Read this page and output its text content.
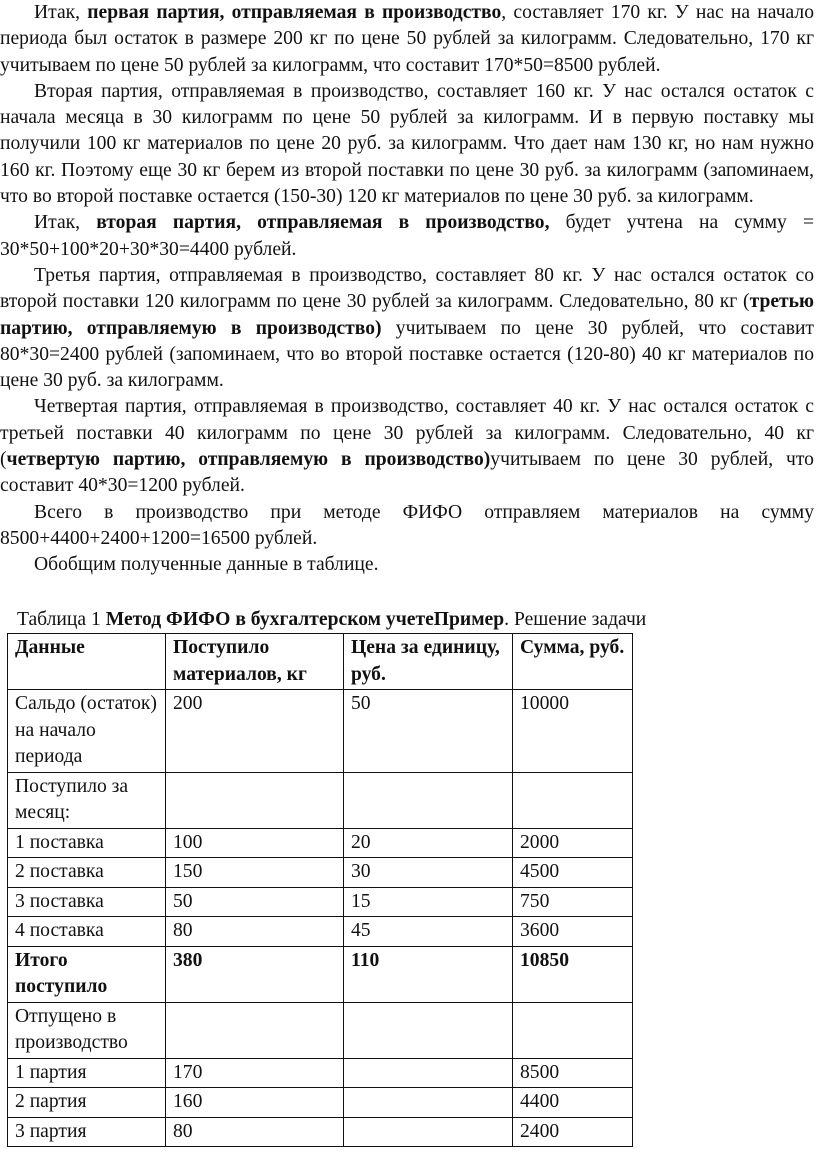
Итак, первая партия, отправляемая в производство, составляет 170 кг. У нас на начало периода был остаток в размере 200 кг по цене 50 рублей за килограмм. Следовательно, 170 кг учитываем по цене 50 рублей за килограмм, что составит 170*50=8500 рублей.

Вторая партия, отправляемая в производство, составляет 160 кг. У нас остался остаток с начала месяца в 30 килограмм по цене 50 рублей за килограмм. И в первую поставку мы получили 100 кг материалов по цене 20 руб. за килограмм. Что дает нам 130 кг, но нам нужно 160 кг. Поэтому еще 30 кг берем из второй поставки по цене 30 руб. за килограмм (запоминаем, что во второй поставке остается (150-30) 120 кг материалов по цене 30 руб. за килограмм.

Итак, вторая партия, отправляемая в производство, будет учтена на сумму = 30*50+100*20+30*30=4400 рублей.

Третья партия, отправляемая в производство, составляет 80 кг. У нас остался остаток со второй поставки 120 килограмм по цене 30 рублей за килограмм. Следовательно, 80 кг (третью партию, отправляемую в производство) учитываем по цене 30 рублей, что составит 80*30=2400 рублей (запоминаем, что во второй поставке остается (120-80) 40 кг материалов по цене 30 руб. за килограмм.

Четвертая партия, отправляемая в производство, составляет 40 кг. У нас остался остаток с третьей поставки 40 килограмм по цене 30 рублей за килограмм. Следовательно, 40 кг (четвертую партию, отправляемую в производство)учитываем по цене 30 рублей, что составит 40*30=1200 рублей.

Всего в производство при методе ФИФО отправляем материалов на сумму 8500+4400+2400+1200=16500 рублей.

Обобщим полученные данные в таблице.

Таблица 1 Метод ФИФО в бухгалтерском учетеПример. Решение задачи
Данные	Поступило материалов, кг	Цена за единицу, руб.	Сумма, руб.
Сальдо (остаток) на начало периода	200	50	10000
Поступило за месяц:			
1 поставка	100	20	2000
2 поставка	150	30	4500
3 поставка	50	15	750
4 поставка	80	45	3600
Итого поступило	380	110	10850
Отпущено в производство			
1 партия	170		8500
2 партия	160		4400
3 партия	80		2400
